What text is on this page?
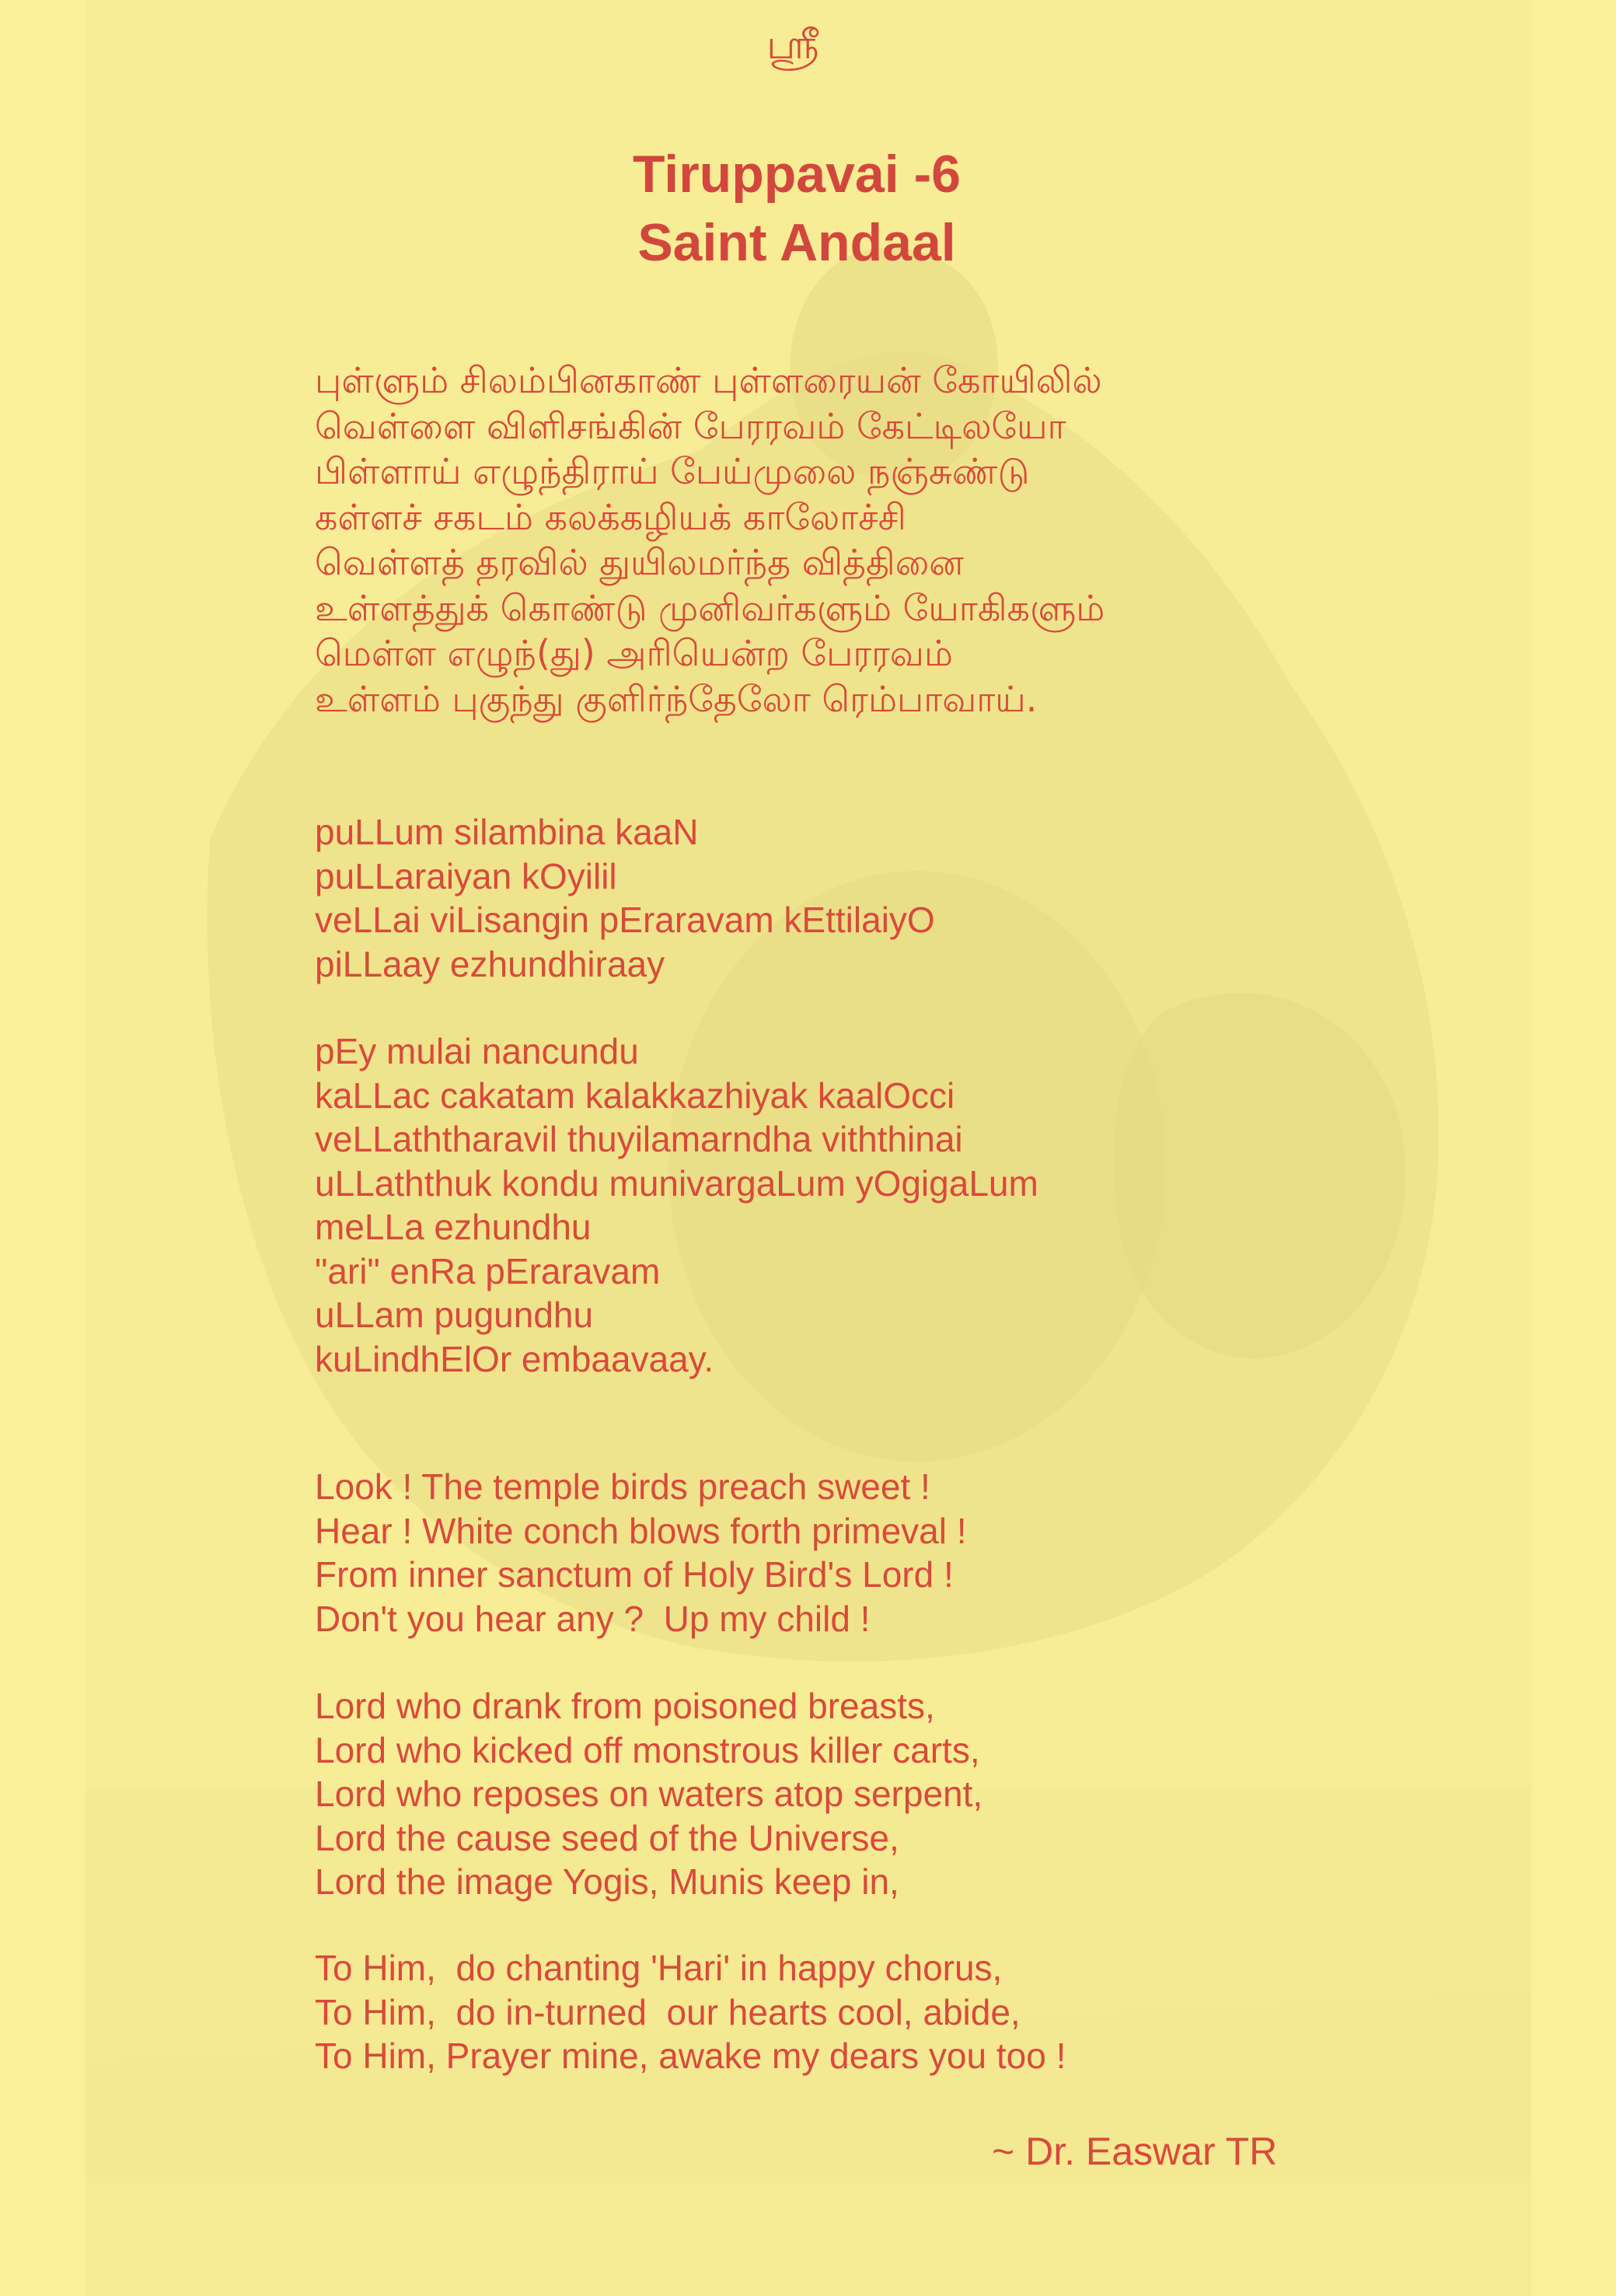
ஶ்ரீ
Tiruppavai -6
Saint Andaal
புள்ளும் சிலம்பினகாண் புள்ளரையன் கோயிலில்
வெள்ளை விளிசங்கின் பேரரவம் கேட்டிலயோ
பிள்ளாய் எழுந்திராய் பேய்முலை நஞ்சுண்டு
கள்ளச் சகடம் கலக்கழியக் காலோச்சி
வெள்ளத் தரவில் துயிலமர்ந்த வித்தினை
உள்ளத்துக் கொண்டு முனிவர்களும் யோகிகளும்
மெள்ள எழுந்(து) அரியென்ற பேரரவம்
உள்ளம் புகுந்து குளிர்ந்தேலோ ரெம்பாவாய்.
puLLum silambina kaaN
puLLaraiyan kOyilil
veLLai viLisangin pEraravam kEttilaiyO
piLLaay ezhundhiraay
pEy mulai nancundu
kaLLac cakatam kalakkazhiyak kaalOcci
veLLaththaravil thuyilamarndha viththinai
uLLaththuk kondu munivargaLum yOgigaLum
meLLa ezhundhu
"ari" enRa pEraravam
uLLam pugundhu
kuLindhElOr embaavaay.
Look ! The temple birds preach sweet !
Hear ! White conch blows forth primeval !
From inner sanctum of Holy Bird's Lord !
Don't you hear any ?  Up my child !
Lord who drank from poisoned breasts,
Lord who kicked off monstrous killer carts,
Lord who reposes on waters atop serpent,
Lord the cause seed of the Universe,
Lord the image Yogis, Munis keep in,
To Him,  do chanting 'Hari' in happy chorus,
To Him,  do in-turned  our hearts cool, abide,
To Him, Prayer mine, awake my dears you too !
~ Dr. Easwar TR
